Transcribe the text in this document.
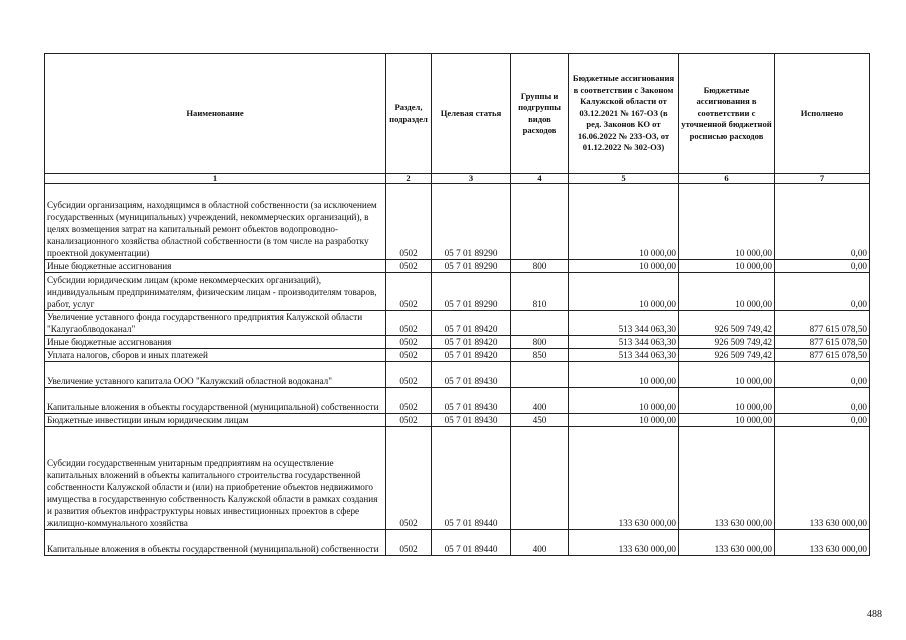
Наименование	Раздел, подраздел	Целевая статья	Группы и подгруппы видов расходов	Бюджетные ассигнования в соответствии с Законом Калужской области от 03.12.2021 № 167-ОЗ (в ред. Законов КО от 16.06.2022 № 233-ОЗ, от 01.12.2022 № 302-ОЗ)	Бюджетные ассигнования в соответствии с уточненной бюджетной росписью расходов	Исполнено
1	2	3	4	5	6	7
Субсидии организациям, находящимся в областной собственности (за исключением государственных (муниципальных) учреждений, некоммерческих организаций), в целях возмещения затрат на капитальный ремонт объектов водопроводно-канализационного хозяйства областной собственности (в том числе на разработку проектной документации)	0502	05 7 01 89290		10 000,00	10 000,00	0,00
Иные бюджетные ассигнования	0502	05 7 01 89290	800	10 000,00	10 000,00	0,00
Субсидии юридическим лицам (кроме некоммерческих организаций), индивидуальным предпринимателям, физическим лицам - производителям товаров, работ, услуг	0502	05 7 01 89290	810	10 000,00	10 000,00	0,00
Увеличение уставного фонда государственного предприятия Калужской области "Калугаоблводоканал"	0502	05 7 01 89420		513 344 063,30	926 509 749,42	877 615 078,50
Иные бюджетные ассигнования	0502	05 7 01 89420	800	513 344 063,30	926 509 749,42	877 615 078,50
Уплата налогов, сборов и иных платежей	0502	05 7 01 89420	850	513 344 063,30	926 509 749,42	877 615 078,50
Увеличение уставного капитала ООО "Калужский областной водоканал"	0502	05 7 01 89430		10 000,00	10 000,00	0,00
Капитальные вложения в объекты государственной (муниципальной) собственности	0502	05 7 01 89430	400	10 000,00	10 000,00	0,00
Бюджетные инвестиции иным юридическим лицам	0502	05 7 01 89430	450	10 000,00	10 000,00	0,00
Субсидии государственным унитарным предприятиям на осуществление капитальных вложений в объекты капитального строительства государственной собственности Калужской области и (или) на приобретение объектов недвижимого имущества в государственную собственность Калужской области в рамках создания и развития объектов инфраструктуры новых инвестиционных проектов в сфере жилищно-коммунального хозяйства	0502	05 7 01 89440		133 630 000,00	133 630 000,00	133 630 000,00
Капитальные вложения в объекты государственной (муниципальной) собственности	0502	05 7 01 89440	400	133 630 000,00	133 630 000,00	133 630 000,00
488
